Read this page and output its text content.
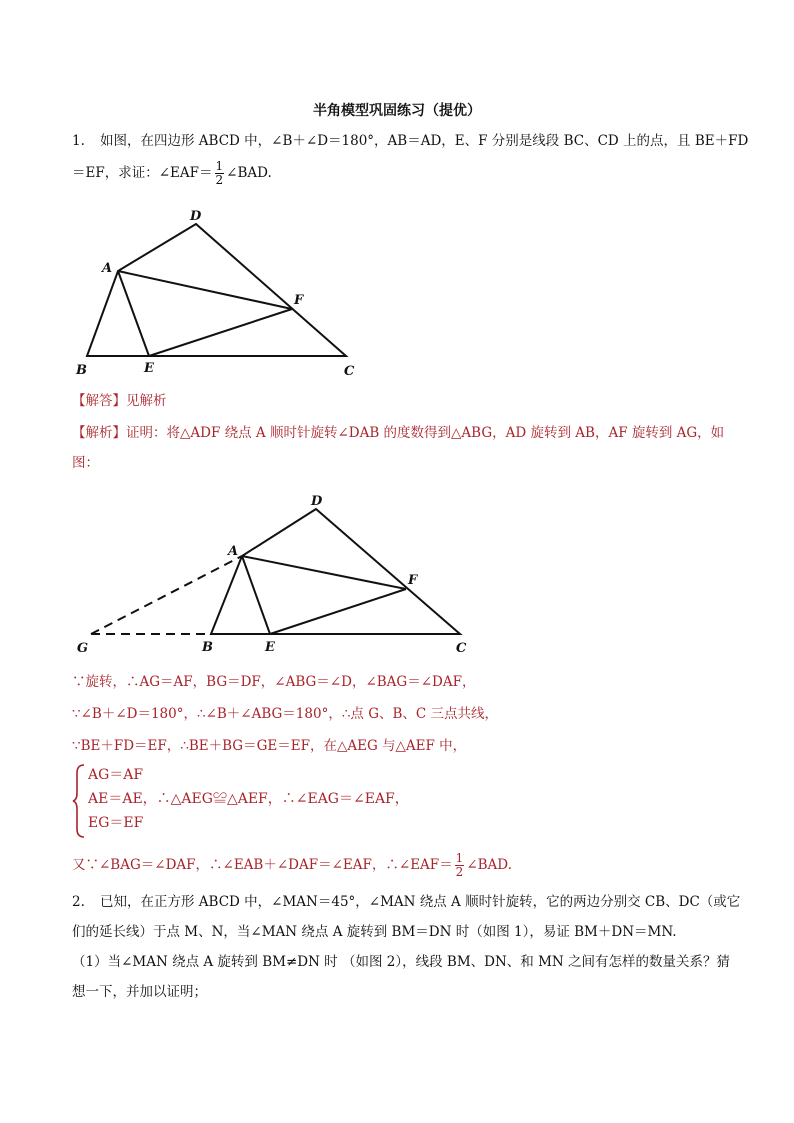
半角模型巩固练习（提优）
1. 如图，在四边形 ABCD 中，∠B＋∠D＝180°，AB＝AD，E、F 分别是线段 BC、CD 上的点，且 BE＋FD
＝EF，求证：∠EAF＝ $\frac{1}{2}$ ∠BAD.
D
A
F
B	E	C
D
A
F
G	B	E	C
【解答】见解析
【解析】证明：将△ADF 绕点 A 顺时针旋转∠DAB 的度数得到△ABG，AD 旋转到 AB，AF 旋转到 AG，如
图：
∵旋转，∴AG＝AF，BG＝DF，∠ABG＝∠D，∠BAG＝∠DAF，
∵∠B＋∠D＝180°，∴∠B＋∠ABG＝180°，∴点 G、B、C 三点共线，
∵BE＋FD＝EF，∴BE＋BG＝GE＝EF，在△AEG 与△AEF 中，
AG＝AF
AE＝AE，∴△AEG≌△AEF，∴∠EAG＝∠EAF，
EG＝EF
又∵∠BAG＝∠DAF，∴∠EAB＋∠DAF＝∠EAF，∴∠EAF＝ $\frac{1}{2}$ ∠BAD.
2. 已知，在正方形 ABCD 中，∠MAN＝45°，∠MAN 绕点 A 顺时针旋转，它的两边分别交 CB、DC（或它
们的延长线）于点 M、N，当∠MAN 绕点 A 旋转到 BM＝DN 时（如图 1），易证 BM＋DN＝MN.
（1）当∠MAN 绕点 A 旋转到 BM≠DN 时 （如图 2），线段 BM、DN、和 MN 之间有怎样的数量关系？猜
想一下，并加以证明；
